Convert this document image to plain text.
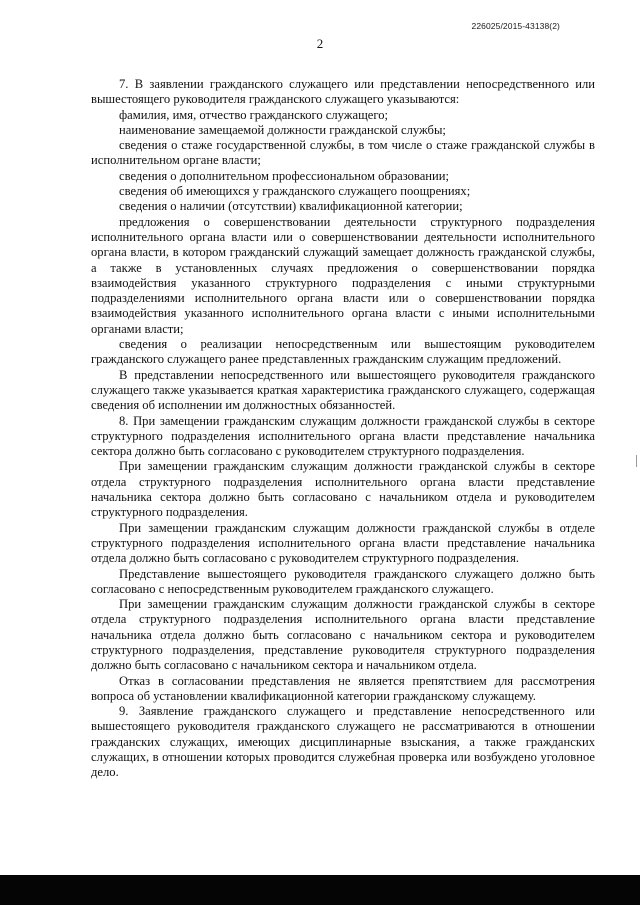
226025/2015-43138(2)
2

7. В заявлении гражданского служащего или представлении непосредственного или вышестоящего руководителя гражданского служащего указываются:

фамилия, имя, отчество гражданского служащего;

наименование замещаемой должности гражданской службы;

сведения о стаже государственной службы, в том числе о стаже гражданской службы в исполнительном органе власти;

сведения о дополнительном профессиональном образовании;

сведения об имеющихся у гражданского служащего поощрениях;

сведения о наличии (отсутствии) квалификационной категории;

предложения о совершенствовании деятельности структурного подразделения исполнительного органа власти или о совершенствовании деятельности исполнительного органа власти, в котором гражданский служащий замещает должность гражданской службы, а также в установленных случаях предложения о совершенствовании порядка взаимодействия указанного структурного подразделения с иными структурными подразделениями исполнительного органа власти или о совершенствовании порядка взаимодействия указанного исполнительного органа власти с иными исполнительными органами власти;

сведения о реализации непосредственным или вышестоящим руководителем гражданского служащего ранее представленных гражданским служащим предложений.

В представлении непосредственного или вышестоящего руководителя гражданского служащего также указывается краткая характеристика гражданского служащего, содержащая сведения об исполнении им должностных обязанностей.

8. При замещении гражданским служащим должности гражданской службы в секторе структурного подразделения исполнительного органа власти представление начальника сектора должно быть согласовано с руководителем структурного подразделения.

При замещении гражданским служащим должности гражданской службы в секторе отдела структурного подразделения исполнительного органа власти представление начальника сектора должно быть согласовано с начальником отдела и руководителем структурного подразделения.

При замещении гражданским служащим должности гражданской службы в отделе структурного подразделения исполнительного органа власти представление начальника отдела должно быть согласовано с руководителем структурного подразделения.

Представление вышестоящего руководителя гражданского служащего должно быть согласовано с непосредственным руководителем гражданского служащего.

При замещении гражданским служащим должности гражданской службы в секторе отдела структурного подразделения исполнительного органа власти представление начальника отдела должно быть согласовано с начальником сектора и руководителем структурного подразделения, представление руководителя структурного подразделения должно быть согласовано с начальником сектора и начальником отдела.

Отказ в согласовании представления не является препятствием для рассмотрения вопроса об установлении квалификационной категории гражданскому служащему.

9. Заявление гражданского служащего и представление непосредственного или вышестоящего руководителя гражданского служащего не рассматриваются в отношении гражданских служащих, имеющих дисциплинарные взыскания, а также гражданских служащих, в отношении которых проводится служебная проверка или возбуждено уголовное дело.
